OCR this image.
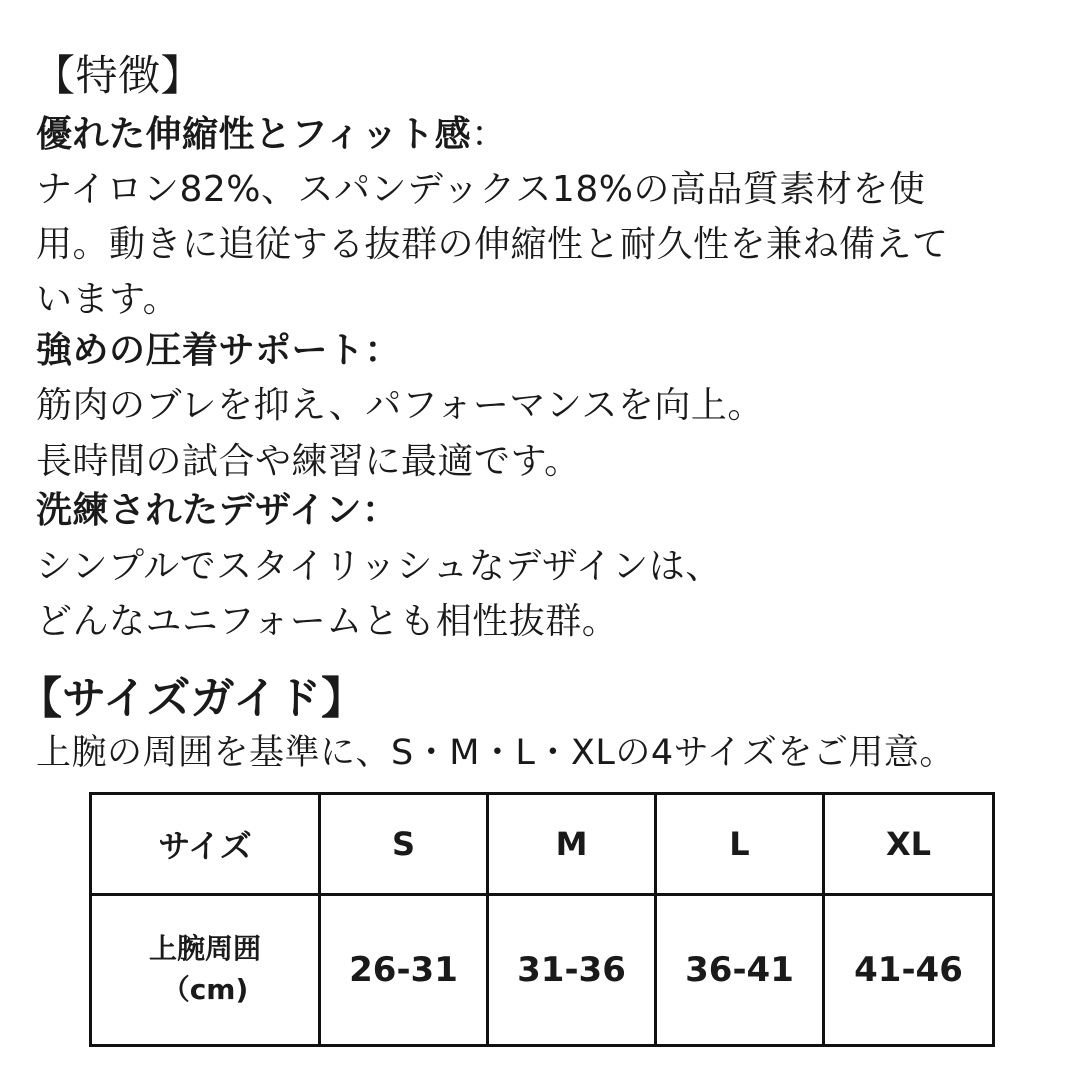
【特徴】
優れた伸縮性とフィット感：
ナイロン82%、スパンデックス18%の高品質素材を使
用。動きに追従する抜群の伸縮性と耐久性を兼ね備えて
います。
強めの圧着サポート：
筋肉のブレを抑え、パフォーマンスを向上。
長時間の試合や練習に最適です。
洗練されたデザイン：
シンプルでスタイリッシュなデザインは、
どんなユニフォームとも相性抜群。
【サイズガイド】
上腕の周囲を基準に、S・M・L・XLの4サイズをご用意。
サイズ	S	M	L	XL

上腕周囲
（cm)	26-31	31-36	36-41	41-46
